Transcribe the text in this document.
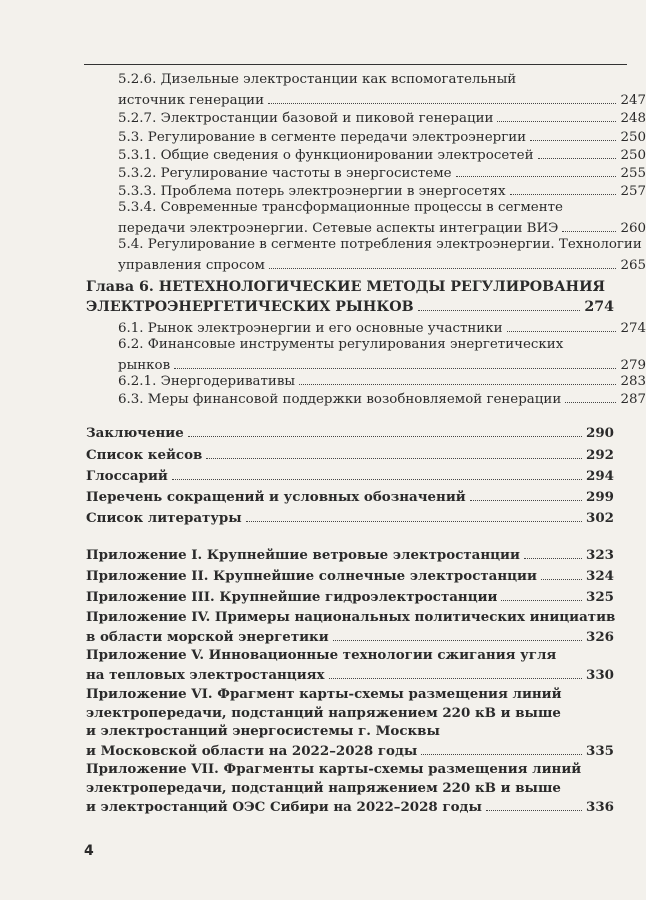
5.2.6. Дизельные электростанции как вспомогательный
источник генерации	247
5.2.7. Электростанции базовой и пиковой генерации	248
5.3. Регулирование в сегменте передачи электроэнергии	250
5.3.1. Общие сведения о функционировании электросетей	250
5.3.2. Регулирование частоты в энергосистеме	255
5.3.3. Проблема потерь электроэнергии в энергосетях	257
5.3.4. Современные трансформационные процессы в сегменте
передачи электроэнергии. Сетевые аспекты интеграции ВИЭ	260
5.4. Регулирование в сегменте потребления электроэнергии. Технологии
управления спросом	265
Глава 6. НЕТЕХНОЛОГИЧЕСКИЕ МЕТОДЫ РЕГУЛИРОВАНИЯ
ЭЛЕКТРОЭНЕРГЕТИЧЕСКИХ РЫНКОВ	274
6.1. Рынок электроэнергии и его основные участники	274
6.2. Финансовые инструменты регулирования энергетических
рынков	279
6.2.1. Энергодеривативы	283
6.3. Меры финансовой поддержки возобновляемой генерации	287
Заключение	290
Список кейсов	292
Глоссарий	294
Перечень сокращений и условных обозначений	299
Список литературы	302
Приложение I. Крупнейшие ветровые электростанции	323
Приложение II. Крупнейшие солнечные электростанции	324
Приложение III. Крупнейшие гидроэлектростанции	325
Приложение IV. Примеры национальных политических инициатив
в области морской энергетики	326
Приложение V. Инновационные технологии сжигания угля
на тепловых электростанциях	330
Приложение VI. Фрагмент карты-схемы размещения линий
электропередачи, подстанций напряжением 220 кВ и выше
и электростанций энергосистемы г. Москвы
и Московской области на 2022–2028 годы	335
Приложение VII. Фрагменты карты-схемы размещения линий
электропередачи, подстанций напряжением 220 кВ и выше
и электростанций ОЭС Сибири на 2022–2028 годы	336
4
